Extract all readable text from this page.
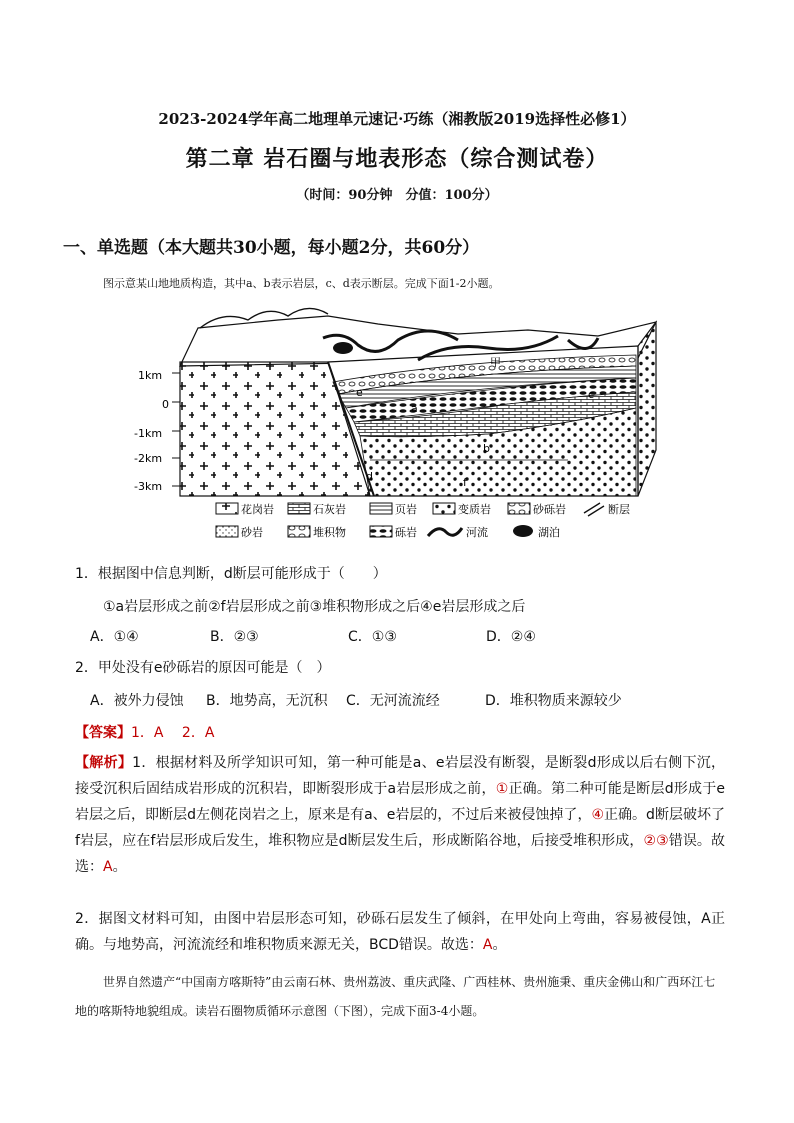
2023-2024学年高二地理单元速记·巧练（湘教版2019选择性必修1）
第二章 岩石圈与地表形态（综合测试卷）
（时间：90分钟　分值：100分）
一、单选题（本大题共30小题，每小题2分，共60分）
图示意某山地地质构造，其中a、b表示岩层，c、d表示断层。完成下面1-2小题。
1km
0
-1km
-2km
-3km
甲
a
b
c
d
e
f
花岗岩	石灰岩	页岩	变质岩	砂砾岩	断层
砂岩	堆积物	砾岩	河流	湖泊
1．根据图中信息判断，d断层可能形成于（　　）
①a岩层形成之前②f岩层形成之前③堆积物形成之后④e岩层形成之后
A．①④	B．②③	C．①③	D．②④
2．甲处没有e砂砾岩的原因可能是（　）
A．被外力侵蚀 B．地势高，无沉积 C．无河流流经	D．堆积物质来源较少
【答案】1．A　 2．A
【解析】1．根据材料及所学知识可知，第一种可能是a、e岩层没有断裂，是断裂d形成以后右侧下沉，接受沉积后固结成岩形成的沉积岩，即断裂形成于a岩层形成之前，①正确。第二种可能是断层d形成于e岩层之后，即断层d左侧花岗岩之上，原来是有a、e岩层的，不过后来被侵蚀掉了，④正确。d断层破坏了f岩层，应在f岩层形成后发生，堆积物应是d断层发生后，形成断陷谷地，后接受堆积形成，②③错误。故选：A。
2．据图文材料可知，由图中岩层形态可知，砂砾石层发生了倾斜，在甲处向上弯曲，容易被侵蚀，A正确。与地势高，河流流经和堆积物质来源无关，BCD错误。故选：A。
世界自然遗产“中国南方喀斯特”由云南石林、贵州荔波、重庆武隆、广西桂林、贵州施秉、重庆金佛山和广西环江七地的喀斯特地貌组成。读岩石圈物质循环示意图（下图），完成下面3-4小题。
